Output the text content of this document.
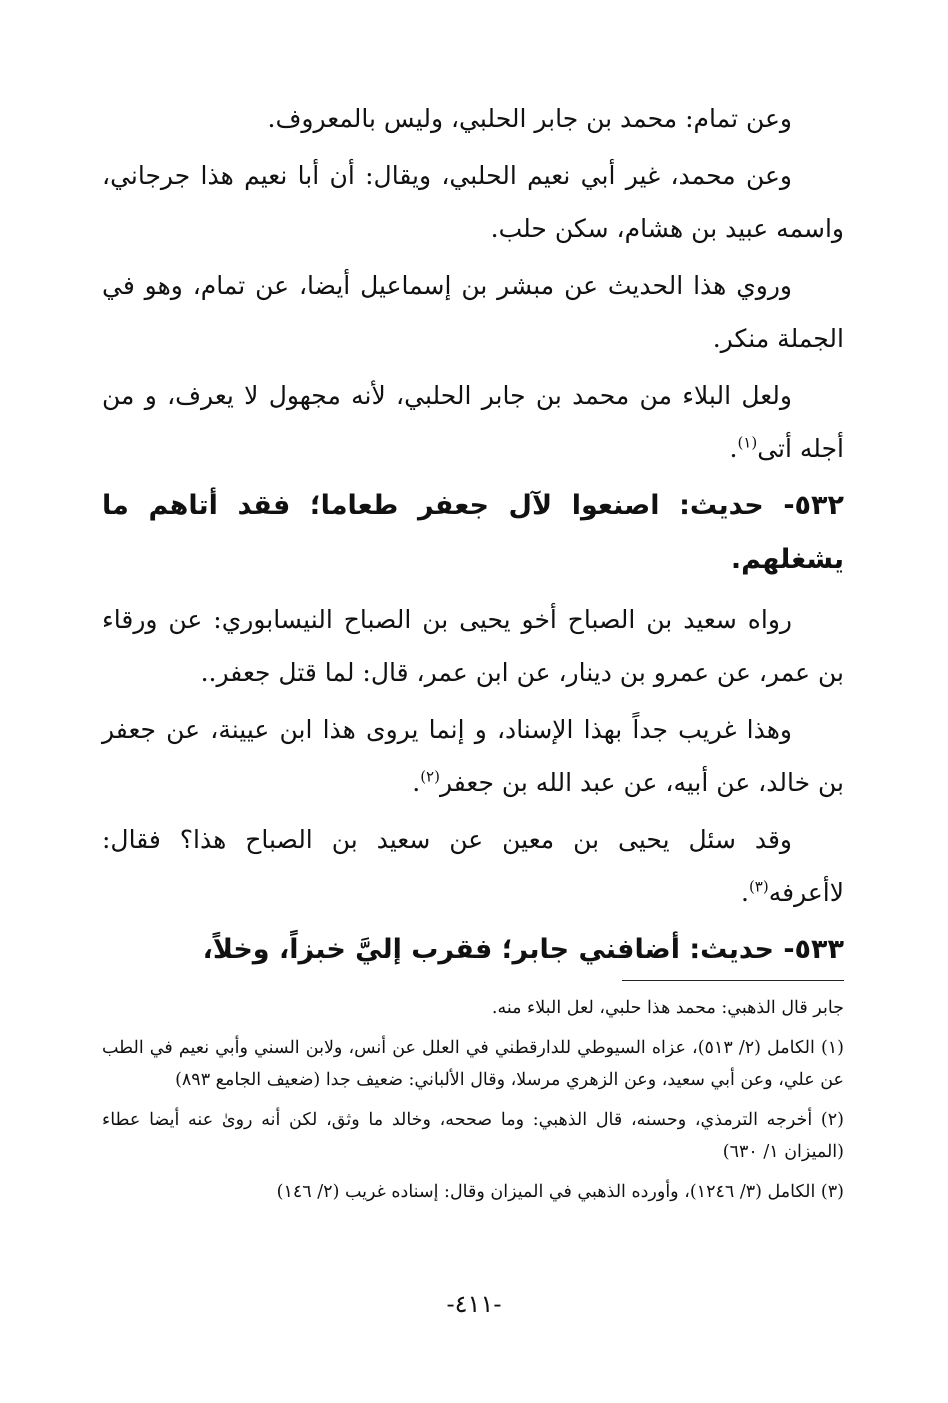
وعن تمام: محمد بن جابر الحلبي، وليس بالمعروف.

وعن محمد، غير أبي نعيم الحلبي، ويقال: أن أبا نعيم هذا جرجاني، واسمه عبيد بن هشام، سكن حلب.

وروي هذا الحديث عن مبشر بن إسماعيل أيضا، عن تمام، وهو في الجملة منكر.

ولعل البلاء من محمد بن جابر الحلبي، لأنه مجهول لا يعرف، و من أجله أتى$^{(١)}$.

٥٣٢- حديث: اصنعوا لآل جعفر طعاما؛ فقد أتاهم ما يشغلهم.

رواه سعيد بن الصباح أخو يحيى بن الصباح النيسابوري: عن ورقاء بن عمر، عن عمرو بن دينار، عن ابن عمر، قال: لما قتل جعفر..

وهذا غريب جداً بهذا الإسناد، و إنما يروى هذا ابن عيينة، عن جعفر بن خالد، عن أبيه، عن عبد الله بن جعفر$^{(٢)}$.

وقد سئل يحيى بن معين عن سعيد بن الصباح هذا؟ فقال: لاأعرفه$^{(٣)}$.

٥٣٣- حديث: أضافني جابر؛ فقرب إليَّ خبزاً، وخلاً،

جابر قال الذهبي: محمد هذا حلبي، لعل البلاء منه.

(١) الكامل (٢/ ٥١٣)، عزاه السيوطي للدارقطني في العلل عن أنس، ولابن السني وأبي نعيم في الطب عن علي، وعن أبي سعيد، وعن الزهري مرسلا، وقال الألباني: ضعيف جدا (ضعيف الجامع ٨٩٣)

(٢) أخرجه الترمذي، وحسنه، قال الذهبي: وما صححه، وخالد ما وثق، لكن أنه روىٰ عنه أيضا عطاء (الميزان ١/ ٦٣٠)

(٣) الكامل (٣/ ١٢٤٦)، وأورده الذهبي في الميزان وقال: إسناده غريب (٢/ ١٤٦)

-٤١١-
